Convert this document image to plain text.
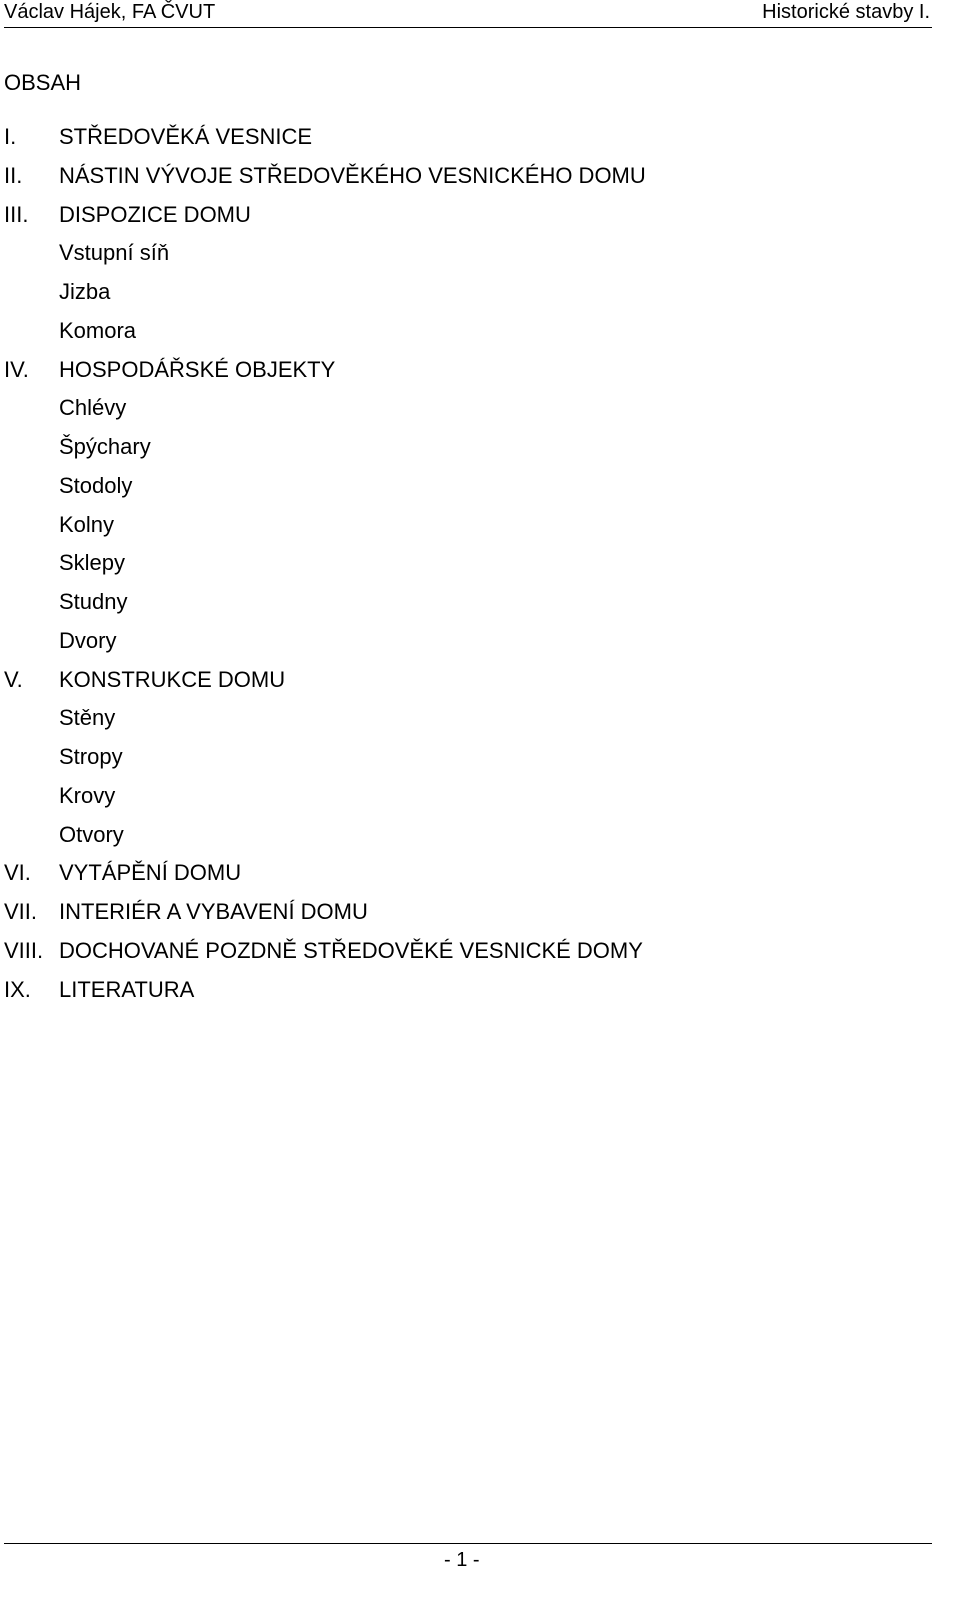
Václav Hájek, FA ČVUT	Historické stavby I.
OBSAH
I. STŘEDOVĚKÁ VESNICE
II. NÁSTIN VÝVOJE STŘEDOVĚKÉHO VESNICKÉHO DOMU
III. DISPOZICE DOMU
Vstupní síň
Jizba
Komora
IV. HOSPODÁŘSKÉ OBJEKTY
Chlévy
Špýchary
Stodoly
Kolny
Sklepy
Studny
Dvory
V. KONSTRUKCE DOMU
Stěny
Stropy
Krovy
Otvory
VI. VYTÁPĚNÍ DOMU
VII. INTERIÉR A VYBAVENÍ DOMU
VIII. DOCHOVANÉ POZDNĚ STŘEDOVĚKÉ VESNICKÉ DOMY
IX. LITERATURA
- 1 -
